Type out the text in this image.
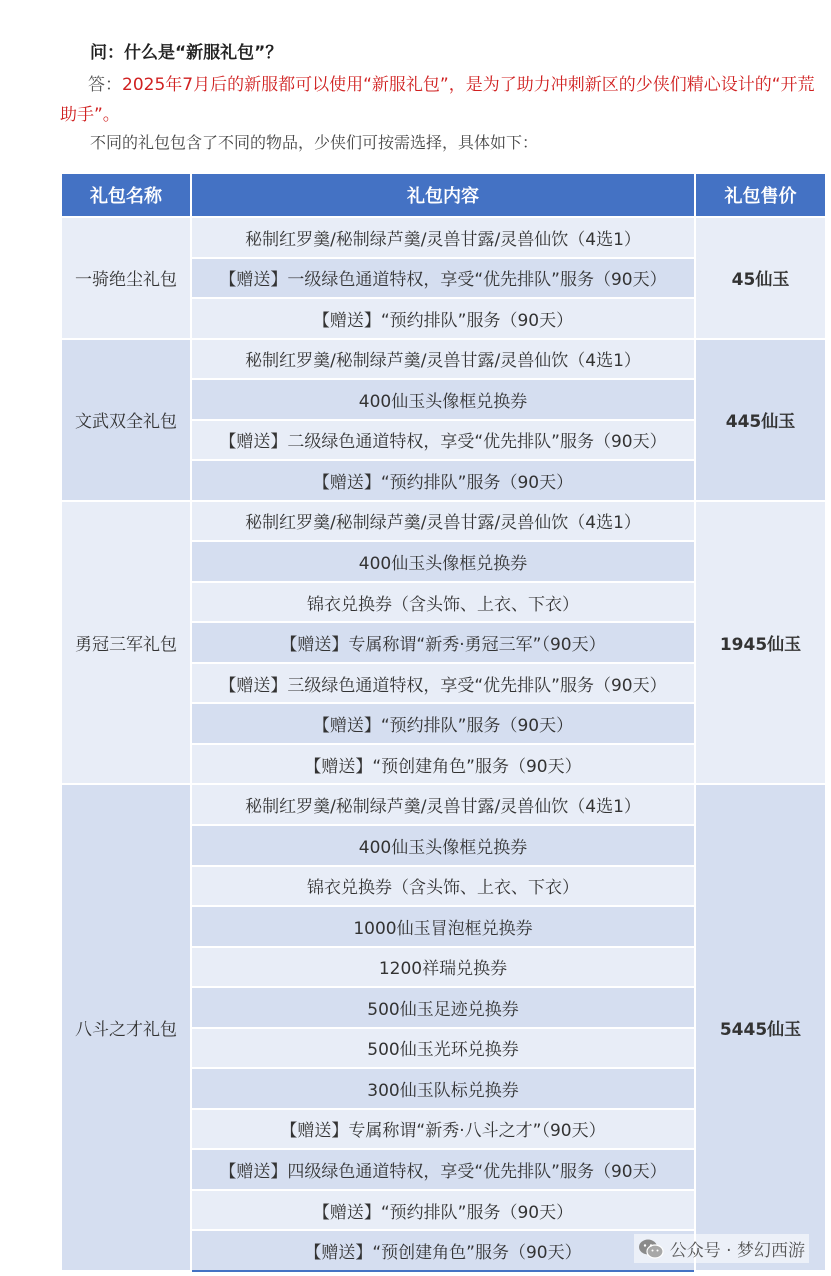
问：什么是“新服礼包”？
答：2025年7月后的新服都可以使用“新服礼包”，是为了助力冲刺新区的少侠们精心设计的“开荒助手”。
不同的礼包包含了不同的物品，少侠们可按需选择，具体如下：
礼包名称	礼包内容	礼包售价
一骑绝尘礼包	秘制红罗羹/秘制绿芦羹/灵兽甘露/灵兽仙饮（4选1）	45仙玉
	【赠送】一级绿色通道特权，享受“优先排队”服务（90天）	
	【赠送】“预约排队”服务（90天）	
文武双全礼包	秘制红罗羹/秘制绿芦羹/灵兽甘露/灵兽仙饮（4选1）	445仙玉
	400仙玉头像框兑换券	
	【赠送】二级绿色通道特权，享受“优先排队”服务（90天）	
	【赠送】“预约排队”服务（90天）	
勇冠三军礼包	秘制红罗羹/秘制绿芦羹/灵兽甘露/灵兽仙饮（4选1）	1945仙玉
	400仙玉头像框兑换券	
	锦衣兑换券（含头饰、上衣、下衣）	
	【赠送】专属称谓“新秀·勇冠三军”（90天）	
	【赠送】三级绿色通道特权，享受“优先排队”服务（90天）	
	【赠送】“预约排队”服务（90天）	
	【赠送】“预创建角色”服务（90天）	
八斗之才礼包	秘制红罗羹/秘制绿芦羹/灵兽甘露/灵兽仙饮（4选1）	5445仙玉
	400仙玉头像框兑换券	
	锦衣兑换券（含头饰、上衣、下衣）	
	1000仙玉冒泡框兑换券	
	1200祥瑞兑换券	
	500仙玉足迹兑换券	
	500仙玉光环兑换券	
	300仙玉队标兑换券	
	【赠送】专属称谓“新秀·八斗之才”（90天）	
	【赠送】四级绿色通道特权，享受“优先排队”服务（90天）	
	【赠送】“预约排队”服务（90天）	
	【赠送】“预创建角色”服务（90天）		公众号 · 梦幻西游
